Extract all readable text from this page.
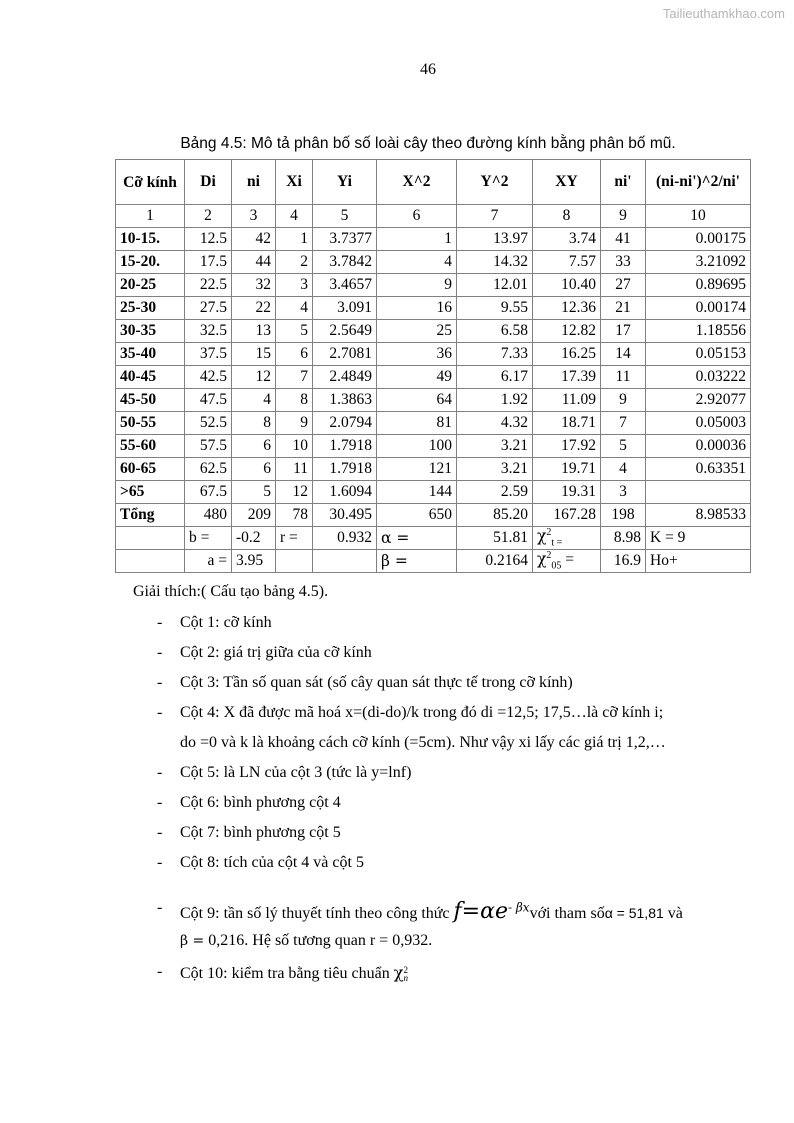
Tailieuthamkhao.com
46
Bảng 4.5: Mô tả phân bố số loài cây theo đường kính bằng phân bố mũ.
Cỡ kính	Di	ni	Xi	Yi	X^2	Y^2	XY	ni'	(ni-ni')^2/ni'
1	2	3	4	5	6	7	8	9	10
10-15.	12.5	42	1	3.7377	1	13.97	3.74	41	0.00175
15-20.	17.5	44	2	3.7842	4	14.32	7.57	33	3.21092
20-25	22.5	32	3	3.4657	9	12.01	10.40	27	0.89695
25-30	27.5	22	4	3.091	16	9.55	12.36	21	0.00174
30-35	32.5	13	5	2.5649	25	6.58	12.82	17	1.18556
35-40	37.5	15	6	2.7081	36	7.33	16.25	14	0.05153
40-45	42.5	12	7	2.4849	49	6.17	17.39	11	0.03222
45-50	47.5	4	8	1.3863	64	1.92	11.09	9	2.92077
50-55	52.5	8	9	2.0794	81	4.32	18.71	7	0.05003
55-60	57.5	6	10	1.7918	100	3.21	17.92	5	0.00036
60-65	62.5	6	11	1.7918	121	3.21	19.71	4	0.63351
>65	67.5	5	12	1.6094	144	2.59	19.31	3	
Tổng	480	209	78	30.495	650	85.20	167.28	198	8.98533
	b =	-0.2	r =	0.932	α =	51.81	$\chi^2_{t =}$	8.98	K = 9
	a =	3.95			β =	0.2164	$\chi^2_{05}$ =	16.9	Ho+
Giải thích:( Cấu tạo bảng 4.5).
- Cột 1: cỡ kính
- Cột 2: giá trị giữa của cỡ kính
- Cột 3: Tần số quan sát (số cây quan sát thực tế trong cỡ kính)
- Cột 4: X đã được mã hoá x=(di-do)/k trong đó di =12,5; 17,5…là cỡ kính i;
- Cột 5: là LN của cột 3 (tức là y=lnf)
- Cột 6: bình phương cột 4
- Cột 7: bình phương cột 5
- Cột 8: tích của cột 4 và cột 5
do =0 và k là khoảng cách cỡ kính (=5cm). Như vậy xi lấy các giá trị 1,2,…
- Cột 9: tần số lý thuyết tính theo công thức $f=\alpha e^{- \beta x}với$ tham sốα = 51,81 và
β = 0,216. Hệ số tương quan r = 0,932.
- Cột 10: kiểm tra bằng tiêu chuẩn χ 2
n
